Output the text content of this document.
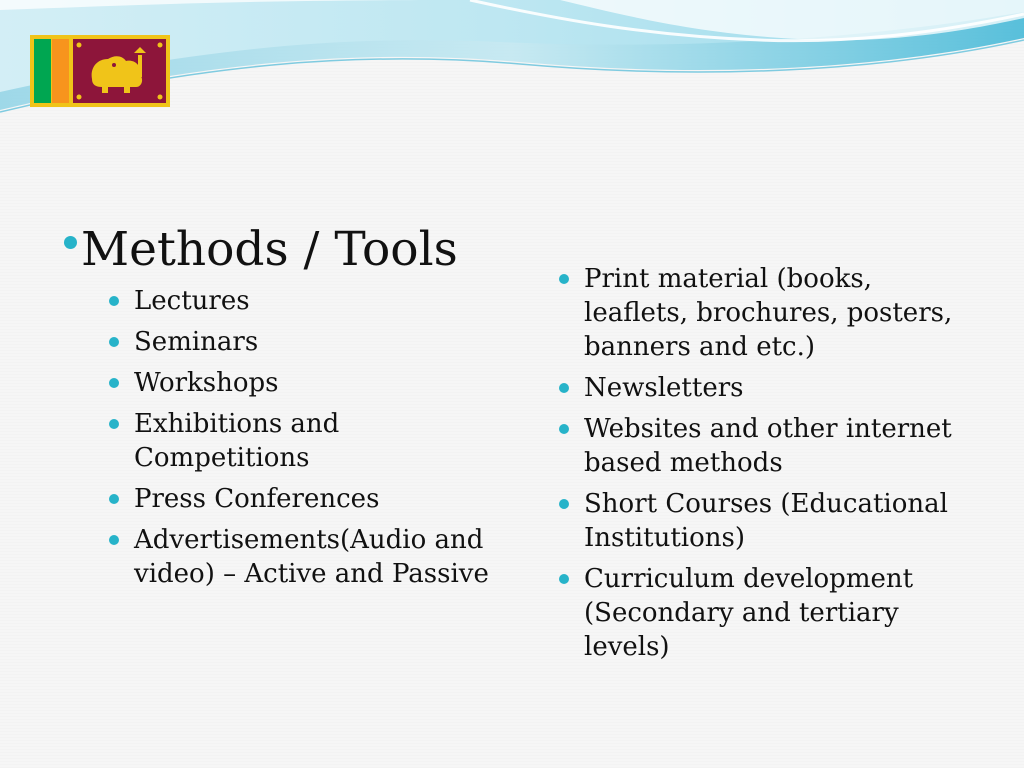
Methods / Tools
Lectures
Seminars
Workshops
Exhibitions and Competitions
Press Conferences
Advertisements(Audio and video) – Active and Passive
Print material (books, leaflets, brochures, posters, banners and etc.)
Newsletters
Websites and other internet based methods
Short Courses (Educational Institutions)
Curriculum development (Secondary and tertiary levels)
